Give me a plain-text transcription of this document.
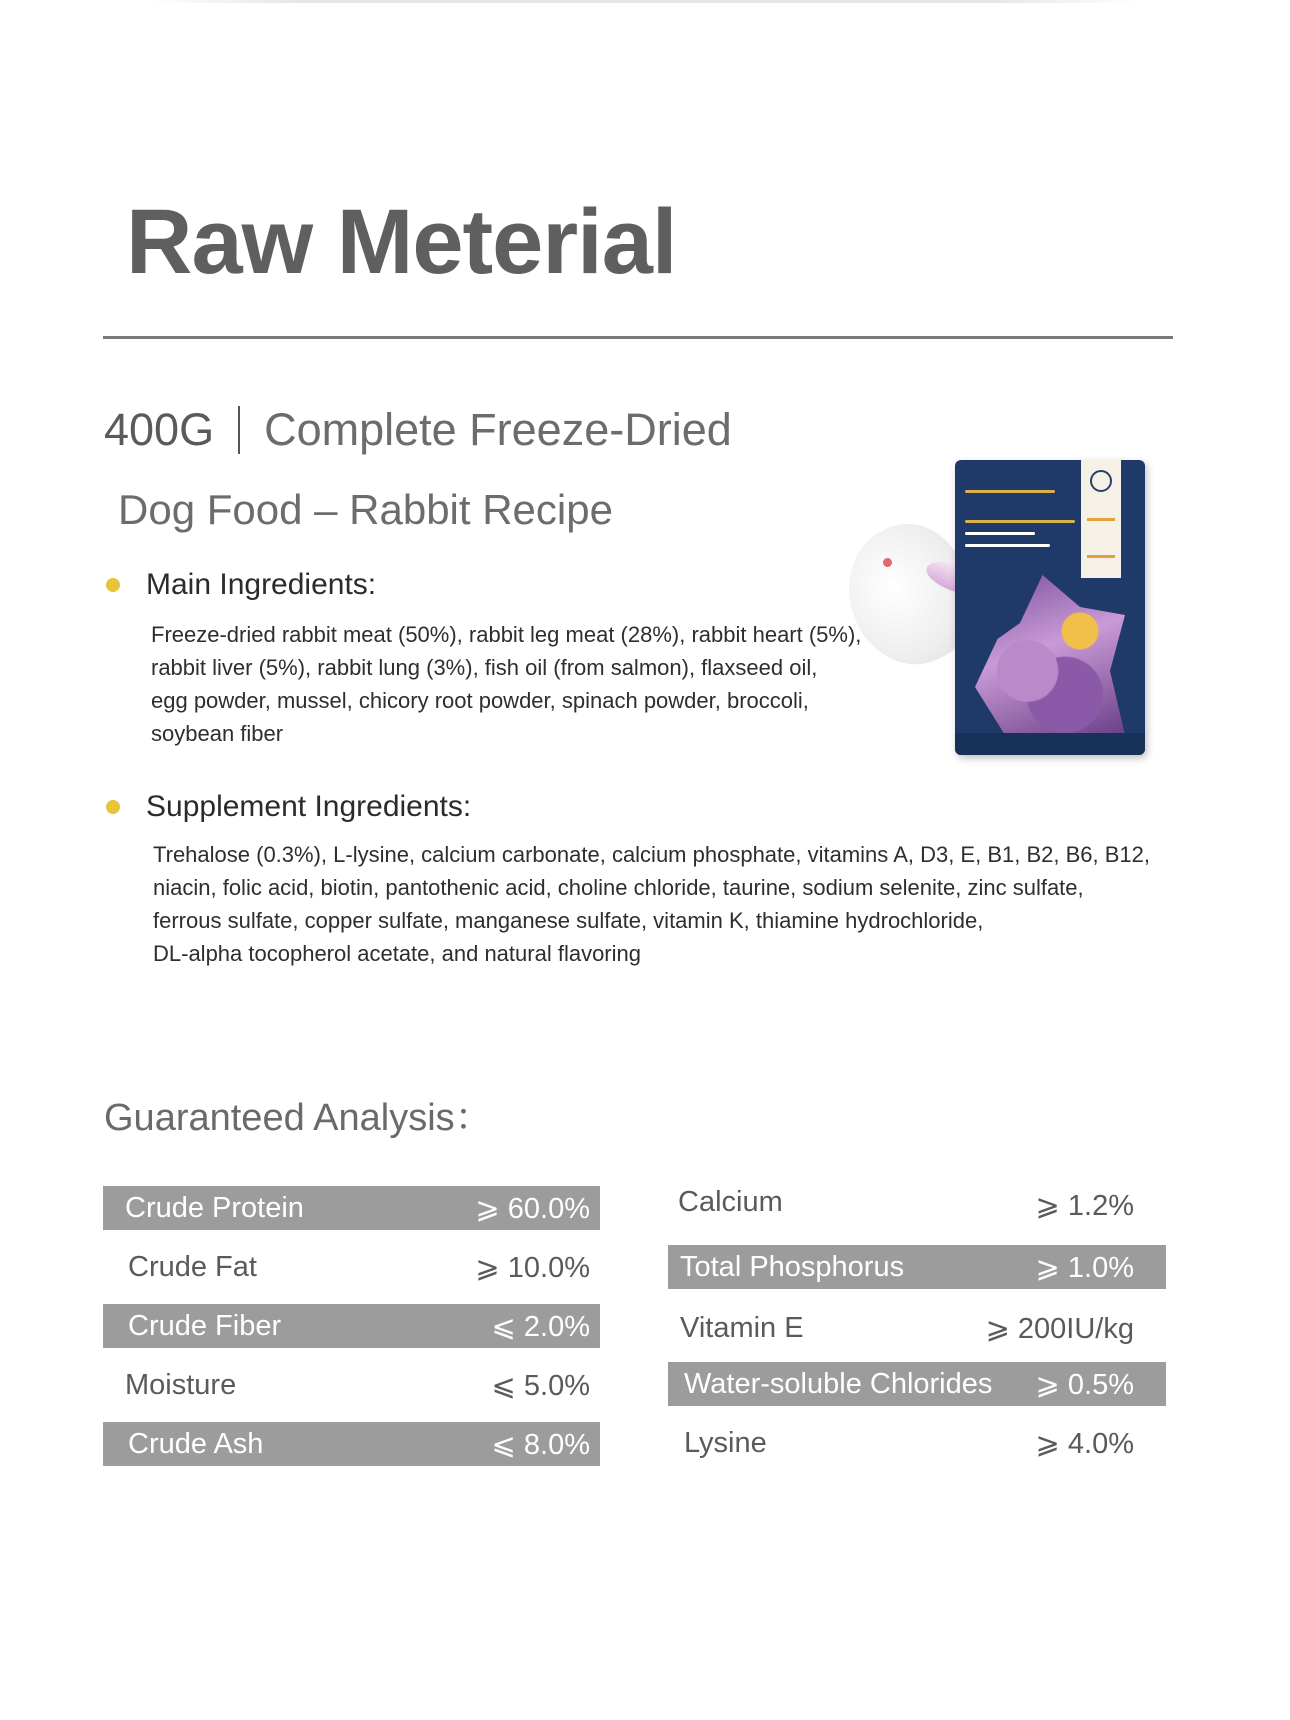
Raw Meterial
400G Complete Freeze-Dried
Dog Food – Rabbit Recipe
Main Ingredients:
Freeze-dried rabbit meat (50%), rabbit leg meat (28%), rabbit heart (5%),
rabbit liver (5%), rabbit lung (3%), fish oil (from salmon), flaxseed oil,
egg powder, mussel, chicory root powder, spinach powder, broccoli,
soybean fiber
Supplement Ingredients:
Trehalose (0.3%), L-lysine, calcium carbonate, calcium phosphate, vitamins A, D3, E, B1, B2, B6, B12,
niacin, folic acid, biotin, pantothenic acid, choline chloride, taurine, sodium selenite, zinc sulfate,
ferrous sulfate, copper sulfate, manganese sulfate, vitamin K, thiamine hydrochloride,
DL-alpha tocopherol acetate, and natural flavoring
Guaranteed Analysis：
Crude Protein	⩾ 60.0%
Crude Fat	⩾ 10.0%
Crude Fiber	⩽ 2.0%
Moisture	⩽ 5.0%
Crude Ash	⩽ 8.0%
Calcium	⩾ 1.2%
Total Phosphorus	⩾ 1.0%
Vitamin E	⩾ 200IU/kg
Water-soluble Chlorides ⩾ 0.5%
Lysine	⩾ 4.0%
